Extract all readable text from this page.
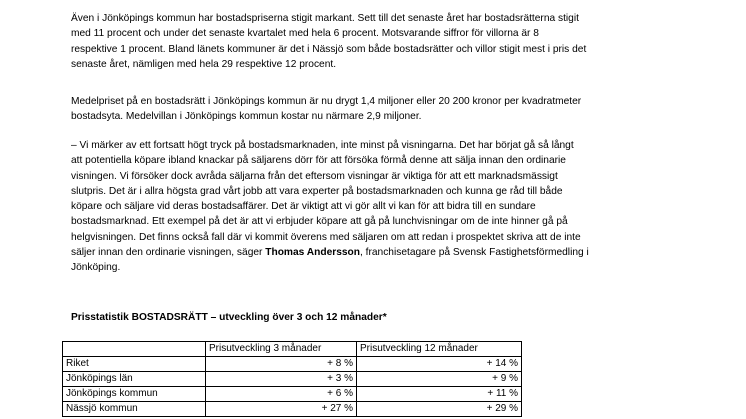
Även i Jönköpings kommun har bostadspriserna stigit markant. Sett till det senaste året har bostadsrätterna stigit
med 11 procent och under det senaste kvartalet med hela 6 procent. Motsvarande siffror för villorna är 8
respektive 1 procent. Bland länets kommuner är det i Nässjö som både bostadsrätter och villor stigit mest i pris det
senaste året, nämligen med hela 29 respektive 12 procent.

Medelpriset på en bostadsrätt i Jönköpings kommun är nu drygt 1,4 miljoner eller 20 200 kronor per kvadratmeter
bostadsyta. Medelvillan i Jönköpings kommun kostar nu närmare 2,9 miljoner.

– Vi märker av ett fortsatt högt tryck på bostadsmarknaden, inte minst på visningarna. Det har börjat gå så långt
att potentiella köpare ibland knackar på säljarens dörr för att försöka förmå denne att sälja innan den ordinarie
visningen. Vi försöker dock avråda säljarna från det eftersom visningar är viktiga för att ett marknadsmässigt
slutpris. Det är i allra högsta grad vårt jobb att vara experter på bostadsmarknaden och kunna ge råd till både
köpare och säljare vid deras bostadsaffärer. Det är viktigt att vi gör allt vi kan för att bidra till en sundare
bostadsmarknad. Ett exempel på det är att vi erbjuder köpare att gå på lunchvisningar om de inte hinner gå på
helgvisningen. Det finns också fall där vi kommit överens med säljaren om att redan i prospektet skriva att de inte
säljer innan den ordinarie visningen, säger Thomas Andersson, franchisetagare på Svensk Fastighetsförmedling i
Jönköping.

Prisstatistik BOSTADSRÄTT – utveckling över 3 och 12 månader*

	Prisutveckling 3 månader	Prisutveckling 12 månader
Riket	+ 8 %	+ 14 %
Jönköpings län	+ 3 %	+ 9 %
Jönköpings kommun	+ 6 %	+ 11 %
Nässjö kommun	+ 27 %	+ 29 %
